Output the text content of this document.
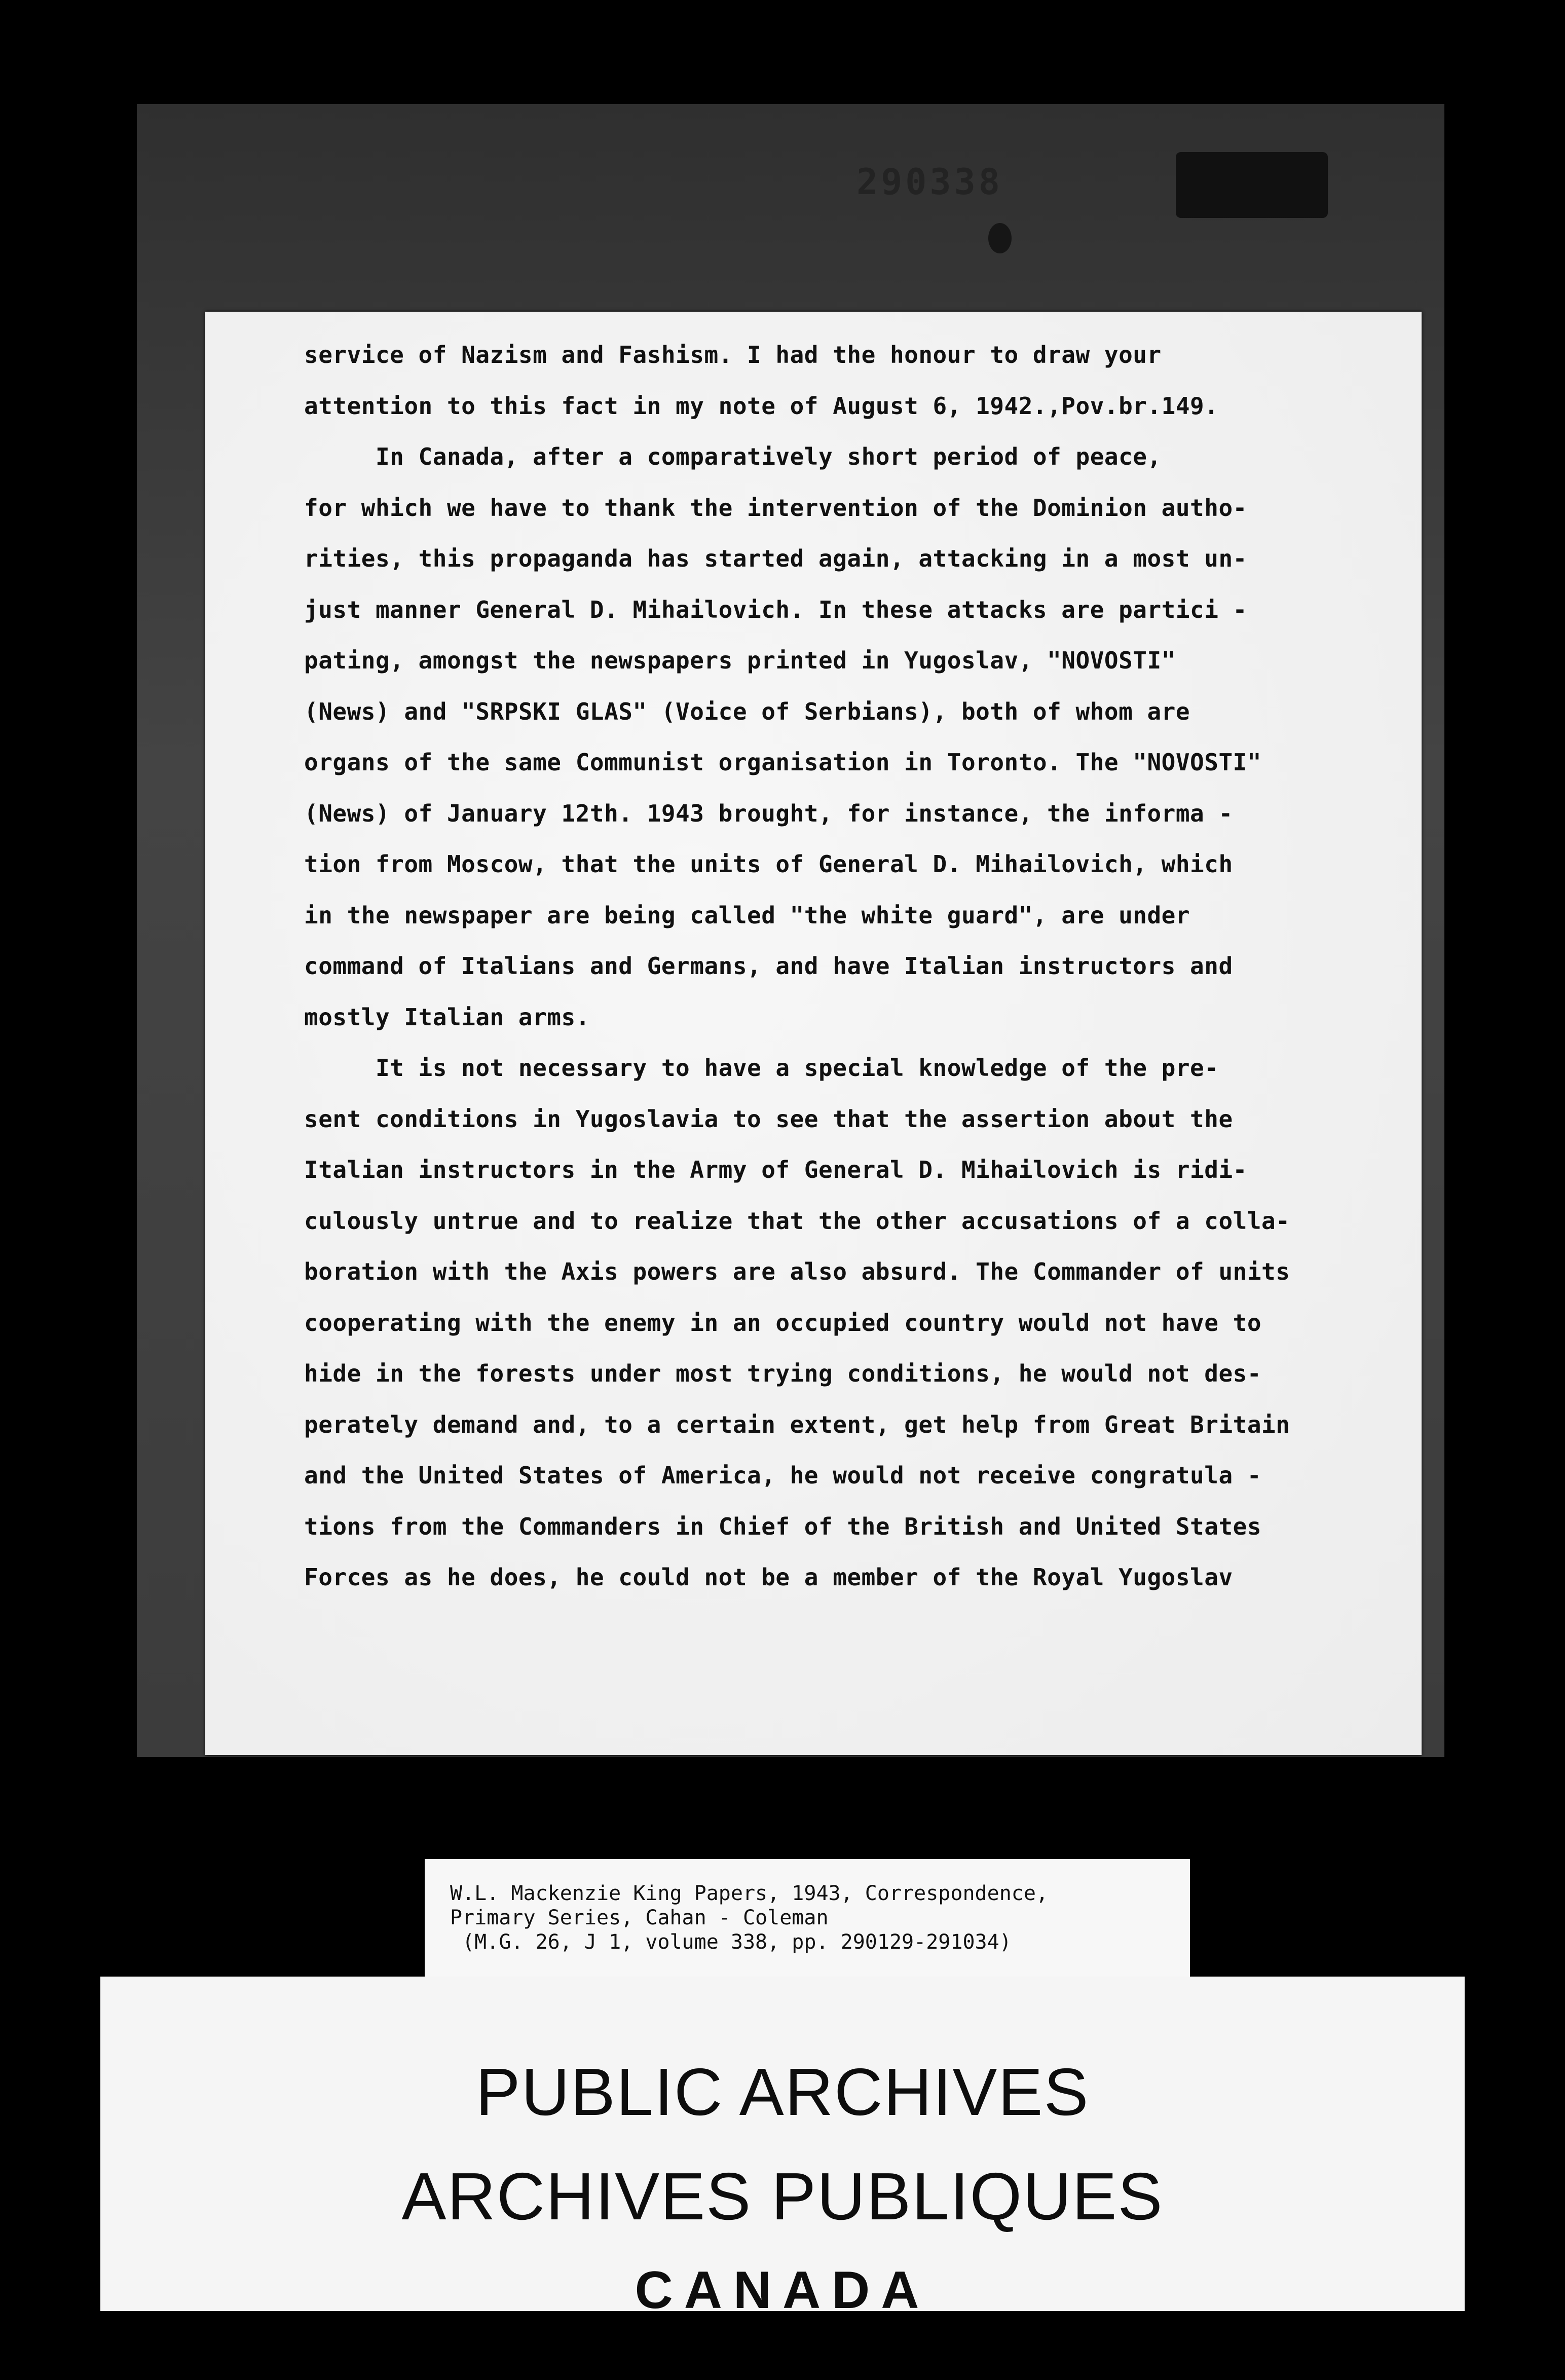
290338
service of Nazism and Fashism. I had the honour to draw your
attention to this fact in my note of August 6, 1942.,Pov.br.149.
In Canada, after a comparatively short period of peace,
for which we have to thank the intervention of the Dominion autho-
rities, this propaganda has started again, attacking in a most un-
just manner General D. Mihailovich. In these attacks are partici -
pating, amongst the newspapers printed in Yugoslav, "NOVOSTI"
(News) and "SRPSKI GLAS" (Voice of Serbians), both of whom are
organs of the same Communist organisation in Toronto. The "NOVOSTI"
(News) of January 12th. 1943 brought, for instance, the informa -
tion from Moscow, that the units of General D. Mihailovich, which
in the newspaper are being called "the white guard", are under
command of Italians and Germans, and have Italian instructors and
mostly Italian arms.
It is not necessary to have a special knowledge of the pre-
sent conditions in Yugoslavia to see that the assertion about the
Italian instructors in the Army of General D. Mihailovich is ridi-
culously untrue and to realize that the other accusations of a colla-
boration with the Axis powers are also absurd. The Commander of units
cooperating with the enemy in an occupied country would not have to
hide in the forests under most trying conditions, he would not des-
perately demand and, to a certain extent, get help from Great Britain
and the United States of America, he would not receive congratula -
tions from the Commanders in Chief of the British and United States
Forces as he does, he could not be a member of the Royal Yugoslav
W.L. Mackenzie King Papers, 1943, Correspondence,
Primary Series, Cahan - Coleman
(M.G. 26, J 1, volume 338, pp. 290129-291034)
PUBLIC ARCHIVES
ARCHIVES PUBLIQUES
CANADA
